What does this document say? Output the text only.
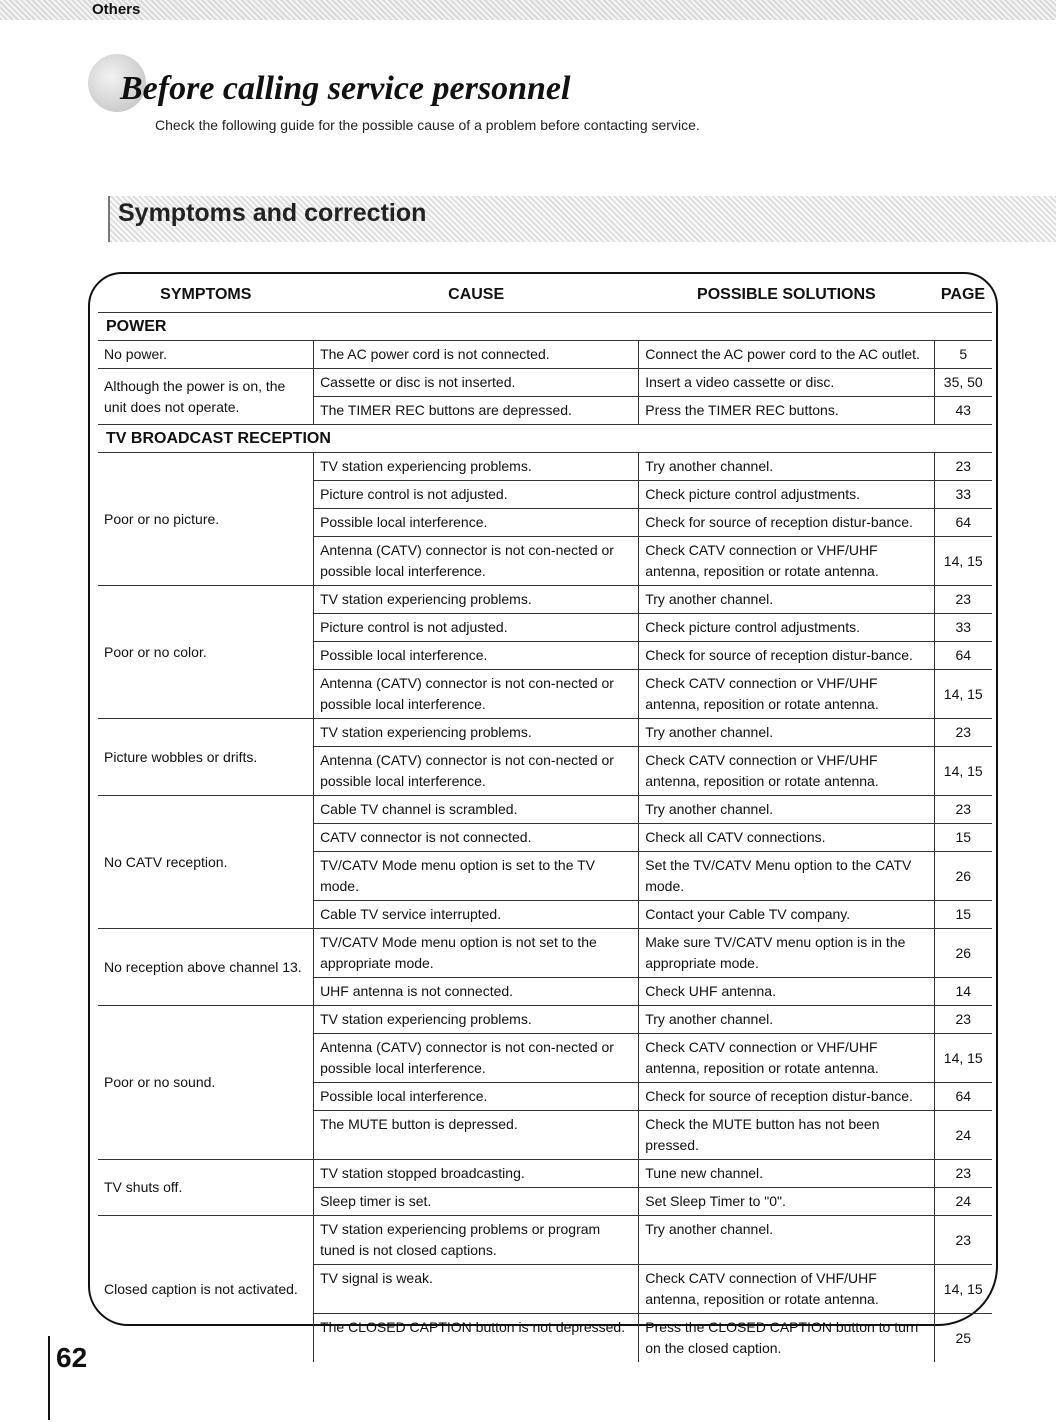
Others
Before calling service personnel
Check the following guide for the possible cause of a problem before contacting service.
Symptoms and correction
SYMPTOMS	CAUSE	POSSIBLE SOLUTIONS	PAGE
POWER			
No power.	The AC power cord is not connected.	Connect the AC power cord to the AC outlet.	5
Although the power is on, the unit does not operate.	Cassette or disc is not inserted.	Insert a video cassette or disc.	35, 50
	The TIMER REC buttons are depressed.	Press the TIMER REC buttons.	43
TV BROADCAST RECEPTION			
Poor or no picture.	TV station experiencing problems.	Try another channel.	23
	Picture control is not adjusted.	Check picture control adjustments.	33
	Possible local interference.	Check for source of reception distur-bance.	64
	Antenna (CATV) connector is not con-nected or possible local interference.	Check CATV connection or VHF/UHF antenna, reposition or rotate antenna.	14, 15
Poor or no color.	TV station experiencing problems.	Try another channel.	23
	Picture control is not adjusted.	Check picture control adjustments.	33
	Possible local interference.	Check for source of reception distur-bance.	64
	Antenna (CATV) connector is not con-nected or possible local interference.	Check CATV connection or VHF/UHF antenna, reposition or rotate antenna.	14, 15
Picture wobbles or drifts.	TV station experiencing problems.	Try another channel.	23
	Antenna (CATV) connector is not con-nected or possible local interference.	Check CATV connection or VHF/UHF antenna, reposition or rotate antenna.	14, 15
No CATV reception.	Cable TV channel is scrambled.	Try another channel.	23
	CATV connector is not connected.	Check all CATV connections.	15
	TV/CATV Mode menu option is set to the TV mode.	Set the TV/CATV Menu option to the CATV mode.	26
	Cable TV service interrupted.	Contact your Cable TV company.	15
No reception above channel 13.	TV/CATV Mode menu option is not set to the appropriate mode.	Make sure TV/CATV menu option is in the appropriate mode.	26
	UHF antenna is not connected.	Check UHF antenna.	14
Poor or no sound.	TV station experiencing problems.	Try another channel.	23
	Antenna (CATV) connector is not con-nected or possible local interference.	Check CATV connection or VHF/UHF antenna, reposition or rotate antenna.	14, 15
	Possible local interference.	Check for source of reception distur-bance.	64
	The MUTE button is depressed.	Check the MUTE button has not been pressed.	24
TV shuts off.	TV station stopped broadcasting.	Tune new channel.	23
	Sleep timer is set.	Set Sleep Timer to "0".	24
Closed caption is not activated.	TV station experiencing problems or program tuned is not closed captions.	Try another channel.	23
	TV signal is weak.	Check CATV connection of VHF/UHF antenna, reposition or rotate antenna.	14, 15
	The CLOSED CAPTION button is not depressed.	Press the CLOSED CAPTION button to turn on the closed caption.	25
62
